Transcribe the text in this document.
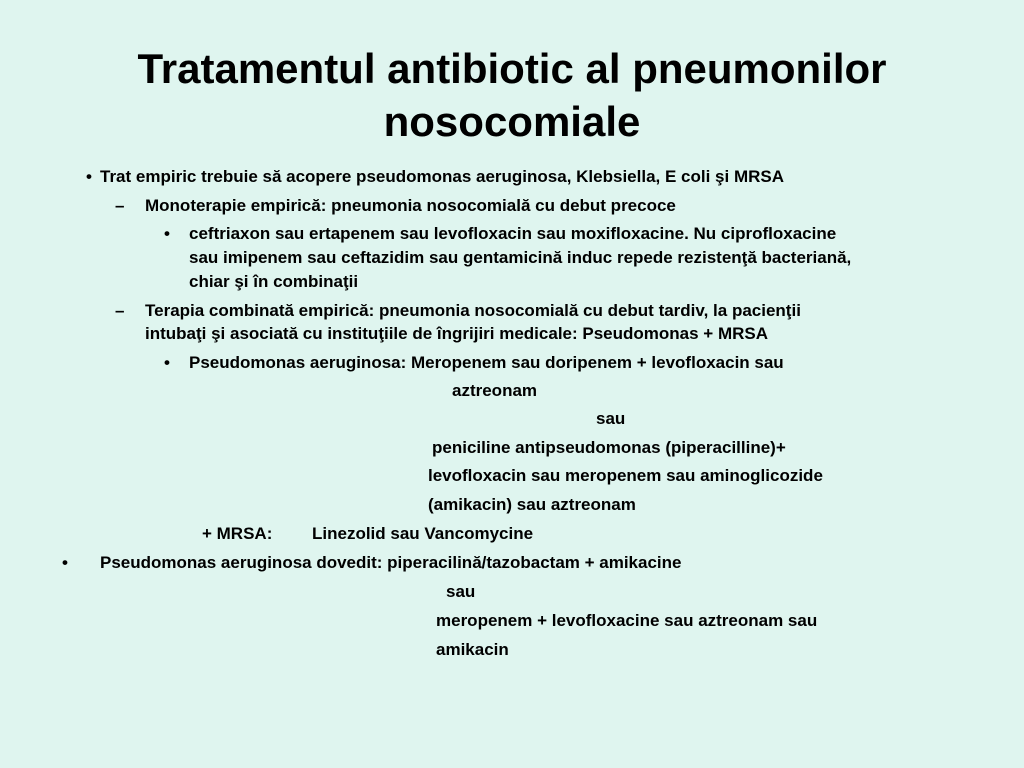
Tratamentul antibiotic al pneumonilor
nosocomiale
• Trat empiric trebuie să acopere pseudomonas aeruginosa, Klebsiella, E coli şi MRSA

– Monoterapie empirică: pneumonia nosocomială cu debut precoce

• ceftriaxon sau ertapenem sau levofloxacin sau moxifloxacine. Nu ciprofloxacine

sau imipenem sau ceftazidim sau gentamicină induc repede rezistenţă bacteriană,

chiar şi în combinaţii

– Terapia combinată empirică: pneumonia nosocomială cu debut tardiv, la pacienţii

intubaţi şi asociată cu instituţiile de îngrijiri medicale: Pseudomonas + MRSA

• Pseudomonas aeruginosa: Meropenem sau doripenem + levofloxacin sau

aztreonam

sau

peniciline antipseudomonas (piperacilline)+

levofloxacin sau meropenem sau aminoglicozide

(amikacin) sau aztreonam

+ MRSA: Linezolid sau Vancomycine

• Pseudomonas aeruginosa dovedit: piperacilină/tazobactam + amikacine

sau

meropenem + levofloxacine sau aztreonam sau

amikacin
